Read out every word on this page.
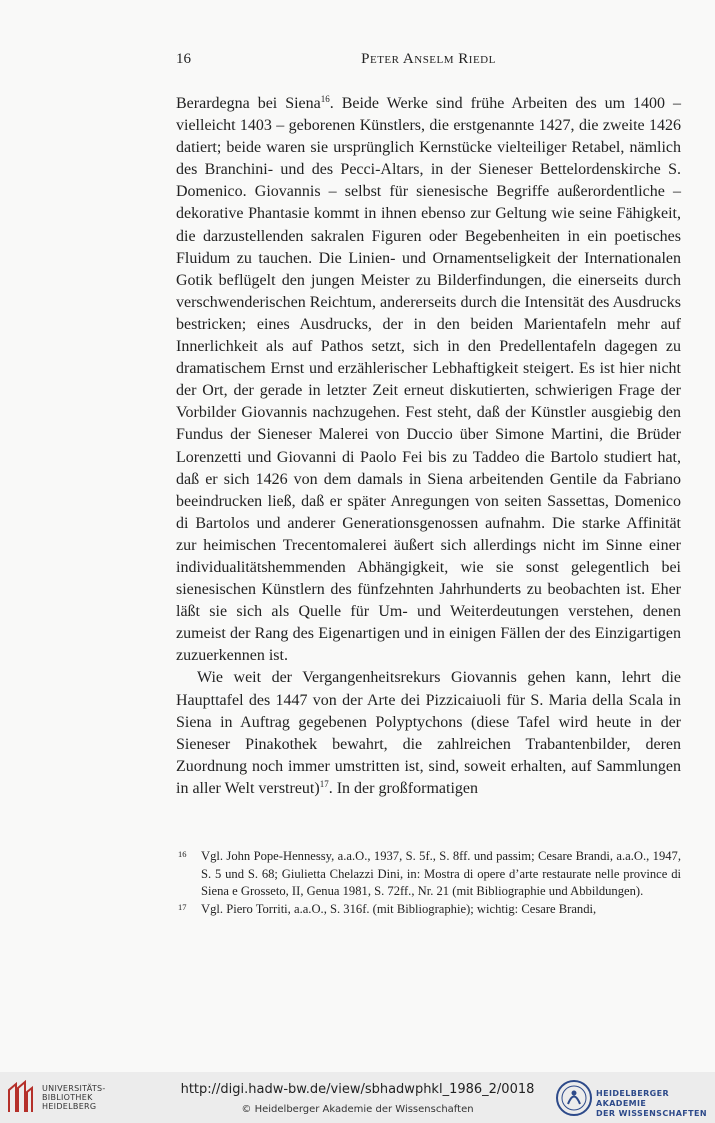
16	Peter Anselm Riedl

Berardegna bei Siena$^{16}$. Beide Werke sind frühe Arbeiten des um 1400 – vielleicht 1403 – geborenen Künstlers, die erstgenannte 1427, die zweite 1426 datiert; beide waren sie ursprünglich Kernstücke vielteiliger Retabel, nämlich des Branchini- und des Pecci-Altars, in der Sieneser Bettelordenskirche S. Domenico. Giovannis – selbst für sienesische Begriffe außerordentliche – dekorative Phantasie kommt in ihnen ebenso zur Geltung wie seine Fähigkeit, die darzustellenden sakralen Figuren oder Begebenheiten in ein poetisches Fluidum zu tauchen. Die Linien- und Ornamentseligkeit der Internationalen Gotik beflügelt den jungen Meister zu Bilderfindungen, die einerseits durch verschwenderischen Reichtum, andererseits durch die Intensität des Ausdrucks bestricken; eines Ausdrucks, der in den beiden Marientafeln mehr auf Innerlichkeit als auf Pathos setzt, sich in den Predellentafeln dagegen zu dramatischem Ernst und erzählerischer Lebhaftigkeit steigert. Es ist hier nicht der Ort, der gerade in letzter Zeit erneut diskutierten, schwierigen Frage der Vorbilder Giovannis nachzugehen. Fest steht, daß der Künstler ausgiebig den Fundus der Sieneser Malerei von Duccio über Simone Martini, die Brüder Lorenzetti und Giovanni di Paolo Fei bis zu Taddeo die Bartolo studiert hat, daß er sich 1426 von dem damals in Siena arbeitenden Gentile da Fabriano beeindrucken ließ, daß er später Anregungen von seiten Sassettas, Domenico di Bartolos und anderer Generationsgenossen aufnahm. Die starke Affinität zur heimischen Trecentomalerei äußert sich allerdings nicht im Sinne einer individualitätshemmenden Abhängigkeit, wie sie sonst gelegentlich bei sienesischen Künstlern des fünfzehnten Jahrhunderts zu beobachten ist. Eher läßt sie sich als Quelle für Um- und Weiterdeutungen verstehen, denen zumeist der Rang des Eigenartigen und in einigen Fällen der des Einzigartigen zuzuerkennen ist.

Wie weit der Vergangenheitsrekurs Giovannis gehen kann, lehrt die Haupttafel des 1447 von der Arte dei Pizzicaiuoli für S. Maria della Scala in Siena in Auftrag gegebenen Polyptychons (diese Tafel wird heute in der Sieneser Pinakothek bewahrt, die zahlreichen Trabantenbilder, deren Zuordnung noch immer umstritten ist, sind, soweit erhalten, auf Sammlungen in aller Welt verstreut)$^{17}$. In der großformatigen

16 Vgl. John Pope-Hennessy, a.a.O., 1937, S. 5f., S. 8ff. und passim; Cesare Brandi, a.a.O., 1947, S. 5 und S. 68; Giulietta Chelazzi Dini, in: Mostra di opere d’arte restaurate nelle province di Siena e Grosseto, II, Genua 1981, S. 72ff., Nr. 21 (mit Bibliographie und Abbildungen).
17 Vgl. Piero Torriti, a.a.O., S. 316f. (mit Bibliographie); wichtig: Cesare Brandi,
UNIVERSITÄTS-
BIBLIOTHEK
HEIDELBERG
http://digi.hadw-bw.de/view/sbhadwphkl_1986_2/0018
© Heidelberger Akademie der Wissenschaften
HEIDELBERGER AKADEMIE
DER WISSENSCHAFTEN
